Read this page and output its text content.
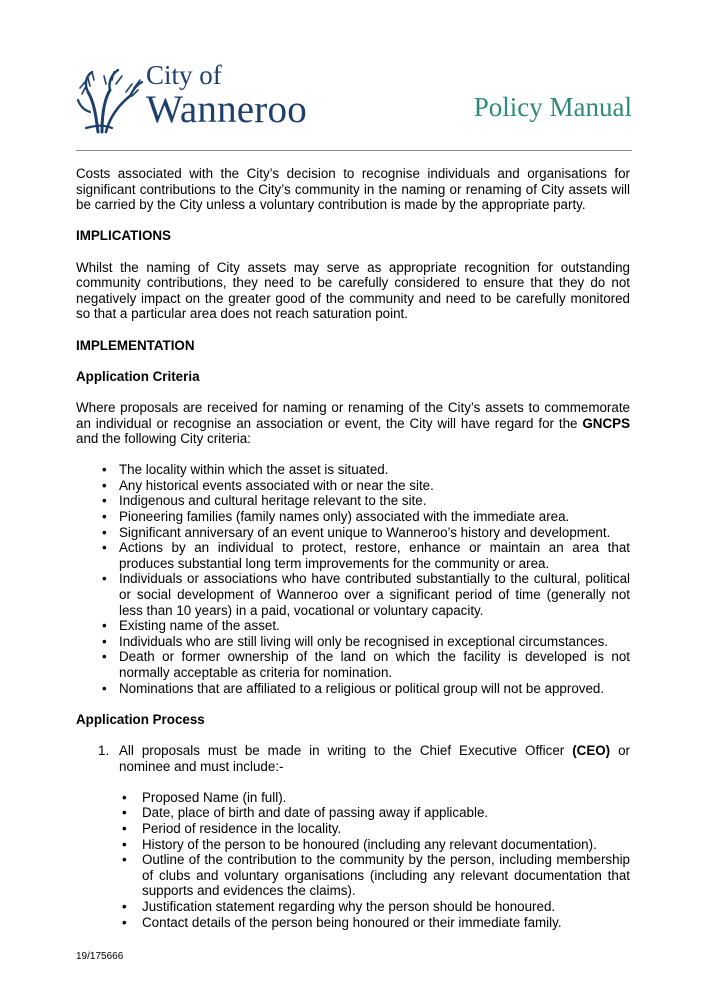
City of
Wanneroo	Policy Manual

Costs associated with the City’s decision to recognise individuals and organisations for significant contributions to the City’s community in the naming or renaming of City assets will be carried by the City unless a voluntary contribution is made by the appropriate party.

IMPLICATIONS

Whilst the naming of City assets may serve as appropriate recognition for outstanding community contributions, they need to be carefully considered to ensure that they do not negatively impact on the greater good of the community and need to be carefully monitored so that a particular area does not reach saturation point.

IMPLEMENTATION
Application Criteria

Where proposals are received for naming or renaming of the City’s assets to commemorate an individual or recognise an association or event, the City will have regard for the GNCPS and the following City criteria:

• The locality within which the asset is situated.
• Any historical events associated with or near the site.
• Indigenous and cultural heritage relevant to the site.
• Pioneering families (family names only) associated with the immediate area.
• Significant anniversary of an event unique to Wanneroo’s history and development.
• Actions by an individual to protect, restore, enhance or maintain an area that produces substantial long term improvements for the community or area.
• Individuals or associations who have contributed substantially to the cultural, political or social development of Wanneroo over a significant period of time (generally not less than 10 years) in a paid, vocational or voluntary capacity.
• Existing name of the asset.
• Individuals who are still living will only be recognised in exceptional circumstances.
• Death or former ownership of the land on which the facility is developed is not normally acceptable as criteria for nomination.
• Nominations that are affiliated to a religious or political group will not be approved.
Application Process
1. All proposals must be made in writing to the Chief Executive Officer (CEO) or nominee and must include:-

• Proposed Name (in full).
• Date, place of birth and date of passing away if applicable.
• Period of residence in the locality.
• History of the person to be honoured (including any relevant documentation).
• Outline of the contribution to the community by the person, including membership of clubs and voluntary organisations (including any relevant documentation that supports and evidences the claims).
• Justification statement regarding why the person should be honoured.
• Contact details of the person being honoured or their immediate family.
19/175666
